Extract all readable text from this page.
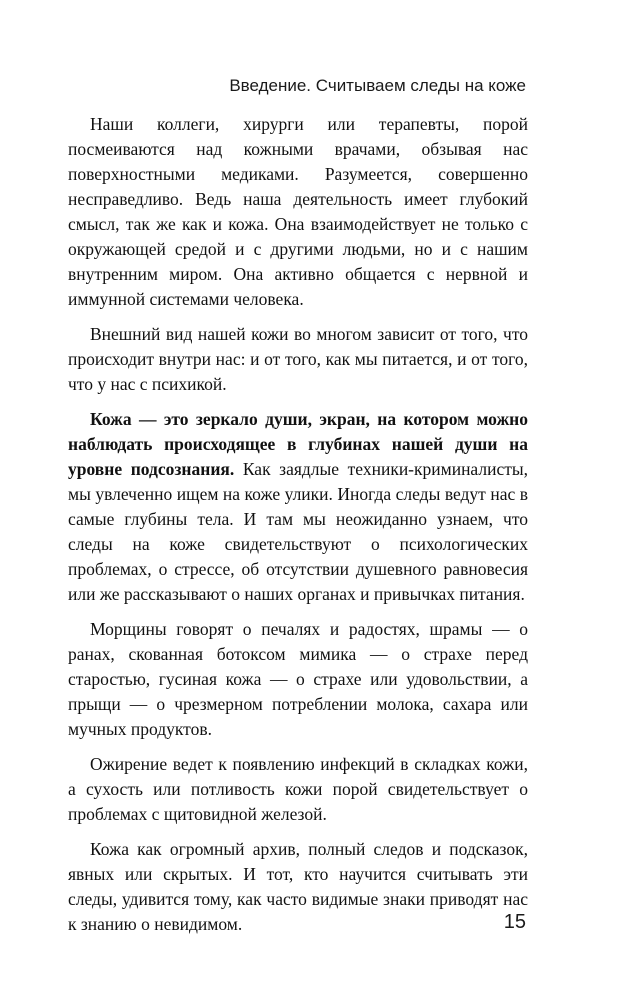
Введение. Считываем следы на коже

Наши коллеги, хирурги или терапевты, порой посмеиваются над кожными врачами, обзывая нас поверхностными медиками. Разумеется, совершенно несправедливо. Ведь наша деятельность имеет глубокий смысл, так же как и кожа. Она взаимодействует не только с окружающей средой и с другими людьми, но и с нашим внутренним миром. Она активно общается с нервной и иммунной системами человека.

Внешний вид нашей кожи во многом зависит от того, что происходит внутри нас: и от того, как мы питается, и от того, что у нас с психикой.

Кожа — это зеркало души, экран, на котором можно наблюдать происходящее в глубинах нашей души на уровне подсознания. Как заядлые техники-криминалисты, мы увлеченно ищем на коже улики. Иногда следы ведут нас в самые глубины тела. И там мы неожиданно узнаем, что следы на коже свидетельствуют о психологических проблемах, о стрессе, об отсутствии душевного равновесия или же рассказывают о наших органах и привычках питания.

Морщины говорят о печалях и радостях, шрамы — о ранах, скованная ботоксом мимика — о страхе перед старостью, гусиная кожа — о страхе или удовольствии, а прыщи — о чрезмерном потреблении молока, сахара или мучных продуктов.

Ожирение ведет к появлению инфекций в складках кожи, а сухость или потливость кожи порой свидетельствует о проблемах с щитовидной железой.

Кожа как огромный архив, полный следов и подсказок, явных или скрытых. И тот, кто научится считывать эти следы, удивится тому, как часто видимые знаки приводят нас к знанию о невидимом.	15
